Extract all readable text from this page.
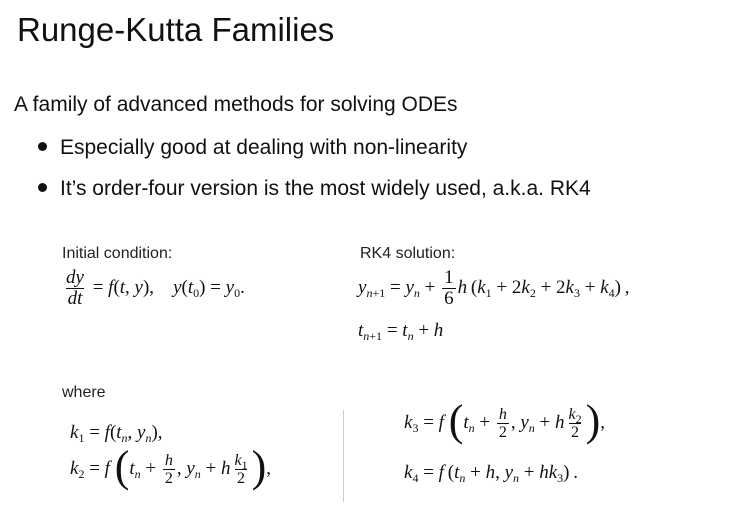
Runge-Kutta Families
A family of advanced methods for solving ODEs
Especially good at dealing with non-linearity
It’s order-four version is the most widely used, a.k.a. RK4
Initial condition:	RK4 solution:
where
$\frac{dy}{dt} = f(t$, y),    $y(t_0) = y_0$.	$y_{n+1} = y_n + \frac{1}{6}$ h $(k_1 + 2k_2 + 2k_3 + k_4)$ ,
$t_{n+1} = t_n + h$
$k_1 = f(t_n$, $y_n$),
$k_2 = f$ ($t_n + \frac{h}{2}$ , $y_n + h \frac{k_1}{2}$ ),
$k_3 = f$ ($t_n + \frac{h}{2}$ , $y_n + h \frac{k_2}{2}$ ),
$k_4 = f$ ($t_n + h$, $y_n + hk_3$) .
